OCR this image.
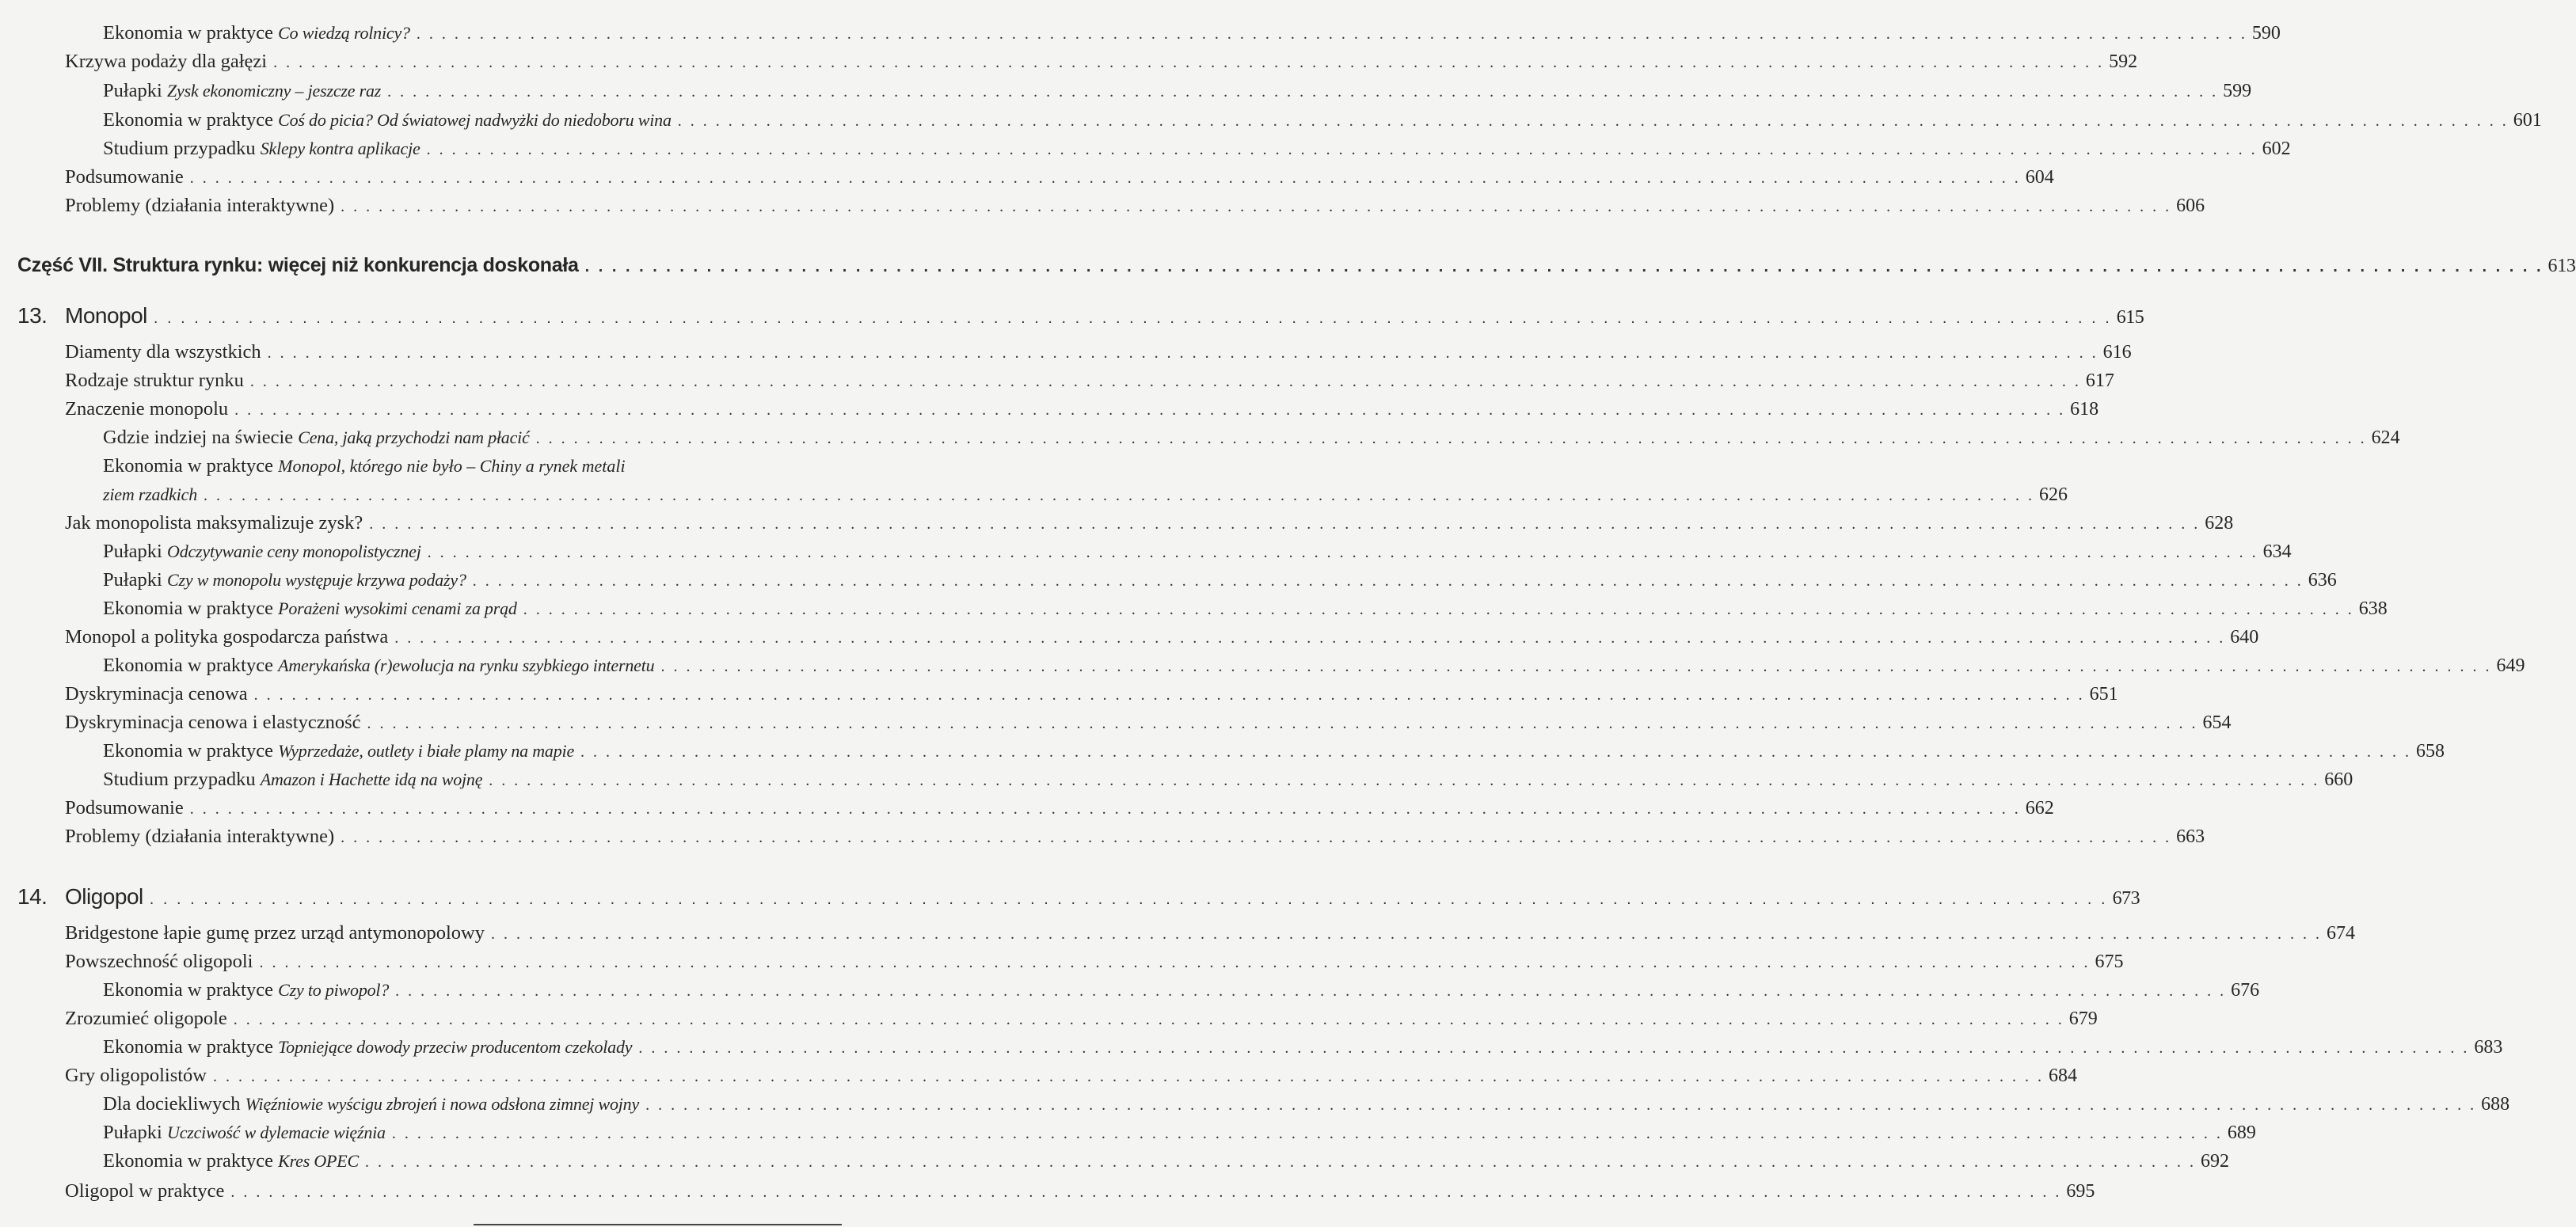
Ekonomia w praktyce Co wiedzą rolnicy? . . .	590
Krzywa podaży dla gałęzi . . .	592
Pułapki Zysk ekonomiczny – jeszcze raz . . .	599
Ekonomia w praktyce Coś do picia? Od światowej nadwyżki do niedoboru wina . . .	601
Studium przypadku Sklepy kontra aplikacje . . .	602
Podsumowanie . . .	604
Problemy (działania interaktywne) . . .	606
Część VII. Struktura rynku: więcej niż konkurencja doskonała . . .	613
13. Monopol . . .	615
Diamenty dla wszystkich . . .	616
Rodzaje struktur rynku . . .	617
Znaczenie monopolu . . .	618
Gdzie indziej na świecie Cena, jaką przychodzi nam płacić . . .	624
Ekonomia w praktyce Monopol, którego nie było – Chiny a rynek metali
ziem rzadkich . . .	626
Jak monopolista maksymalizuje zysk? . . .	628
Pułapki Odczytywanie ceny monopolistycznej . . .	634
Pułapki Czy w monopolu występuje krzywa podaży? . . .	636
Ekonomia w praktyce Porażeni wysokimi cenami za prąd . . .	638
Monopol a polityka gospodarcza państwa . . .	640
Ekonomia w praktyce Amerykańska (r)ewolucja na rynku szybkiego internetu . . .	649
Dyskryminacja cenowa . . .	651
Dyskryminacja cenowa i elastyczność . . .	654
Ekonomia w praktyce Wyprzedaże, outlety i białe plamy na mapie . . .	658
Studium przypadku Amazon i Hachette idą na wojnę . . .	660
Podsumowanie . . .	662
Problemy (działania interaktywne) . . .	663
14. Oligopol . . .	673
Bridgestone łapie gumę przez urząd antymonopolowy . . .	674
Powszechność oligopoli . . .	675
Ekonomia w praktyce Czy to piwopol? . . .	676
Zrozumieć oligopole . . .	679
Ekonomia w praktyce Topniejące dowody przeciw producentom czekolady . . .	683
Gry oligopolistów . . .	684
Dla dociekliwych Więźniowie wyścigu zbrojeń i nowa odsłona zimnej wojny . . .	688
Pułapki Uczciwość w dylemacie więźnia . . .	689
Ekonomia w praktyce Kres OPEC . . .	692
Oligopol w praktyce . . .	695
